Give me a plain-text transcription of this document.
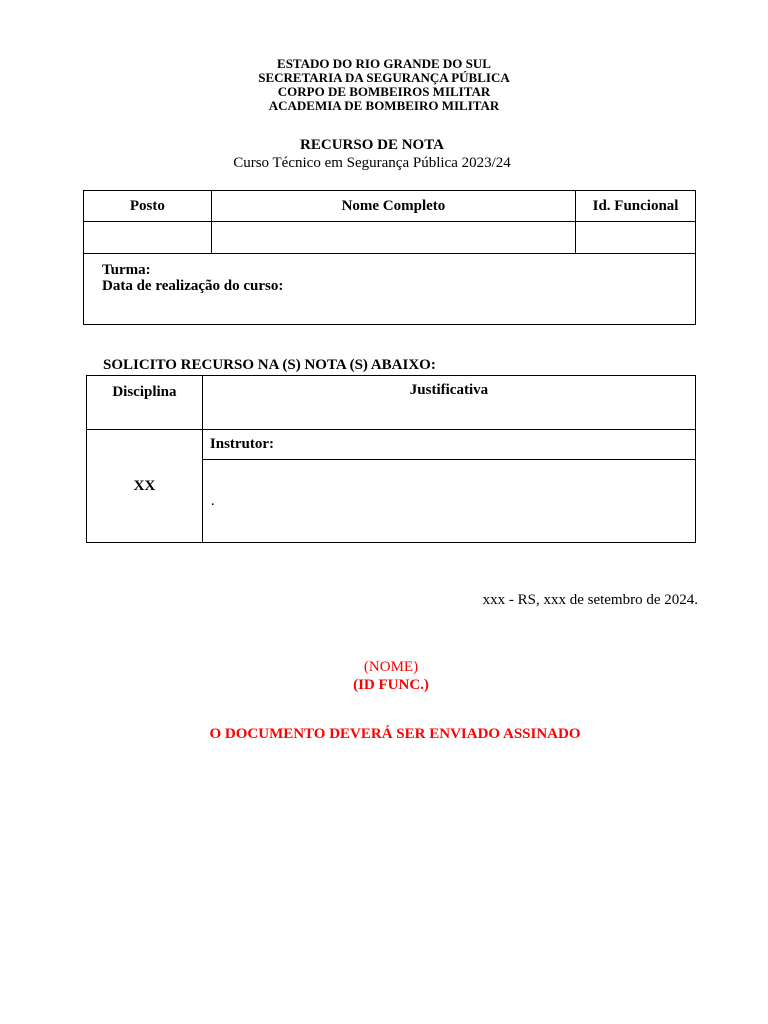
ESTADO DO RIO GRANDE DO SUL
SECRETARIA DA SEGURANÇA PÚBLICA
CORPO DE BOMBEIROS MILITAR
ACADEMIA DE BOMBEIRO MILITAR
RECURSO DE NOTA
Curso Técnico em Segurança Pública 2023/24
Posto	Nome Completo	Id. Funcional

Turma:
Data de realização do curso:		
SOLICITO RECURSO NA (S) NOTA (S) ABAIXO:
Disciplina	Justificativa
XX	Instrutor:
	.
xxx - RS, xxx de setembro de 2024.
(NOME)
(ID FUNC.)
O DOCUMENTO DEVERÁ SER ENVIADO ASSINADO
